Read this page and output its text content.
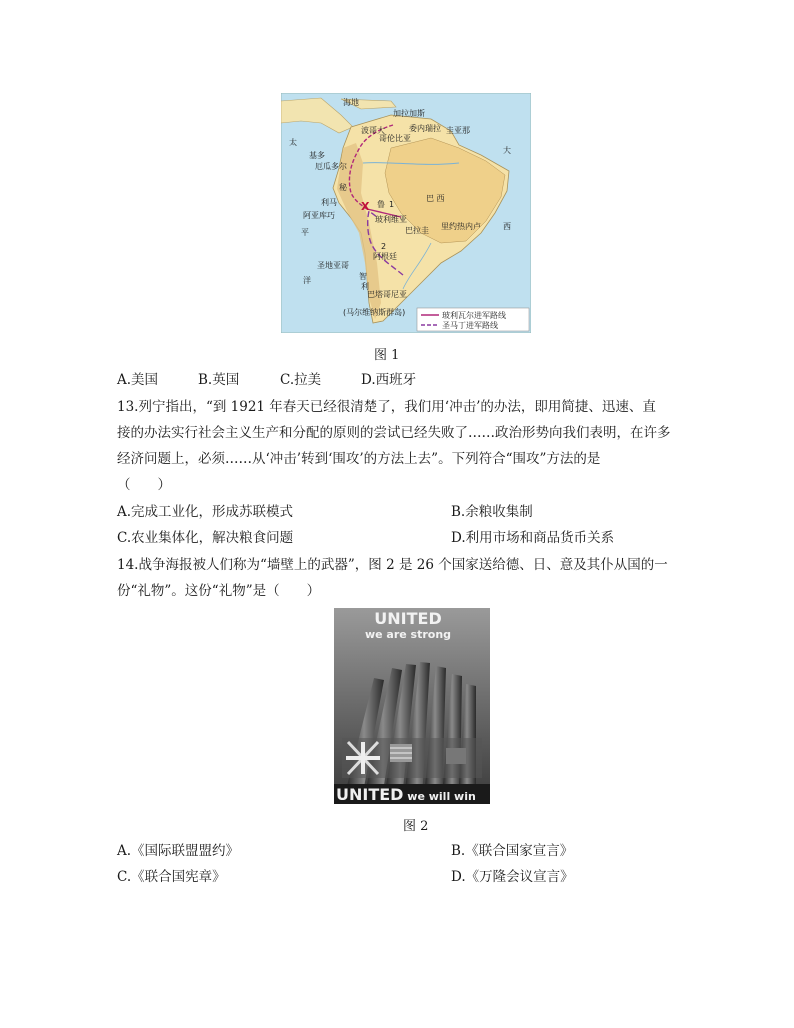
X
海地
加拉加斯
波哥大	委内瑞拉
哥伦比亚
圭亚那
基多
厄瓜多尔
秘
利马	鲁
巴 西
玻利维亚
阿亚库巧
里约热内卢
巴拉圭
阿根廷
圣地亚哥
智
利
巴塔哥尼亚
(马尔维纳斯群岛)
太
平
洋
大
西
1
2
玻利瓦尔进军路线
圣马丁进军路线
图 1
A.美国	B.英国	C.拉美	D.西班牙
13.列宁指出，“到 1921 年春天已经很清楚了，我们用‘冲击’的办法，即用简捷、迅速、直
接的办法实行社会主义生产和分配的原则的尝试已经失败了……政治形势向我们表明，在许多
经济问题上，必须……从‘冲击’转到‘围攻’的方法上去”。下列符合“围攻”方法的是
（　　）
A.完成工业化，形成苏联模式	B.余粮收集制
C.农业集体化，解决粮食问题	D.利用市场和商品货币关系
14.战争海报被人们称为“墙壁上的武器”，图 2 是 26 个国家送给德、日、意及其仆从国的一
份“礼物”。这份“礼物”是（　　）
UNITED
we are strong
UNITED we will win
图 2
A.《国际联盟盟约》	B.《联合国家宣言》
C.《联合国宪章》	D.《万隆会议宣言》
